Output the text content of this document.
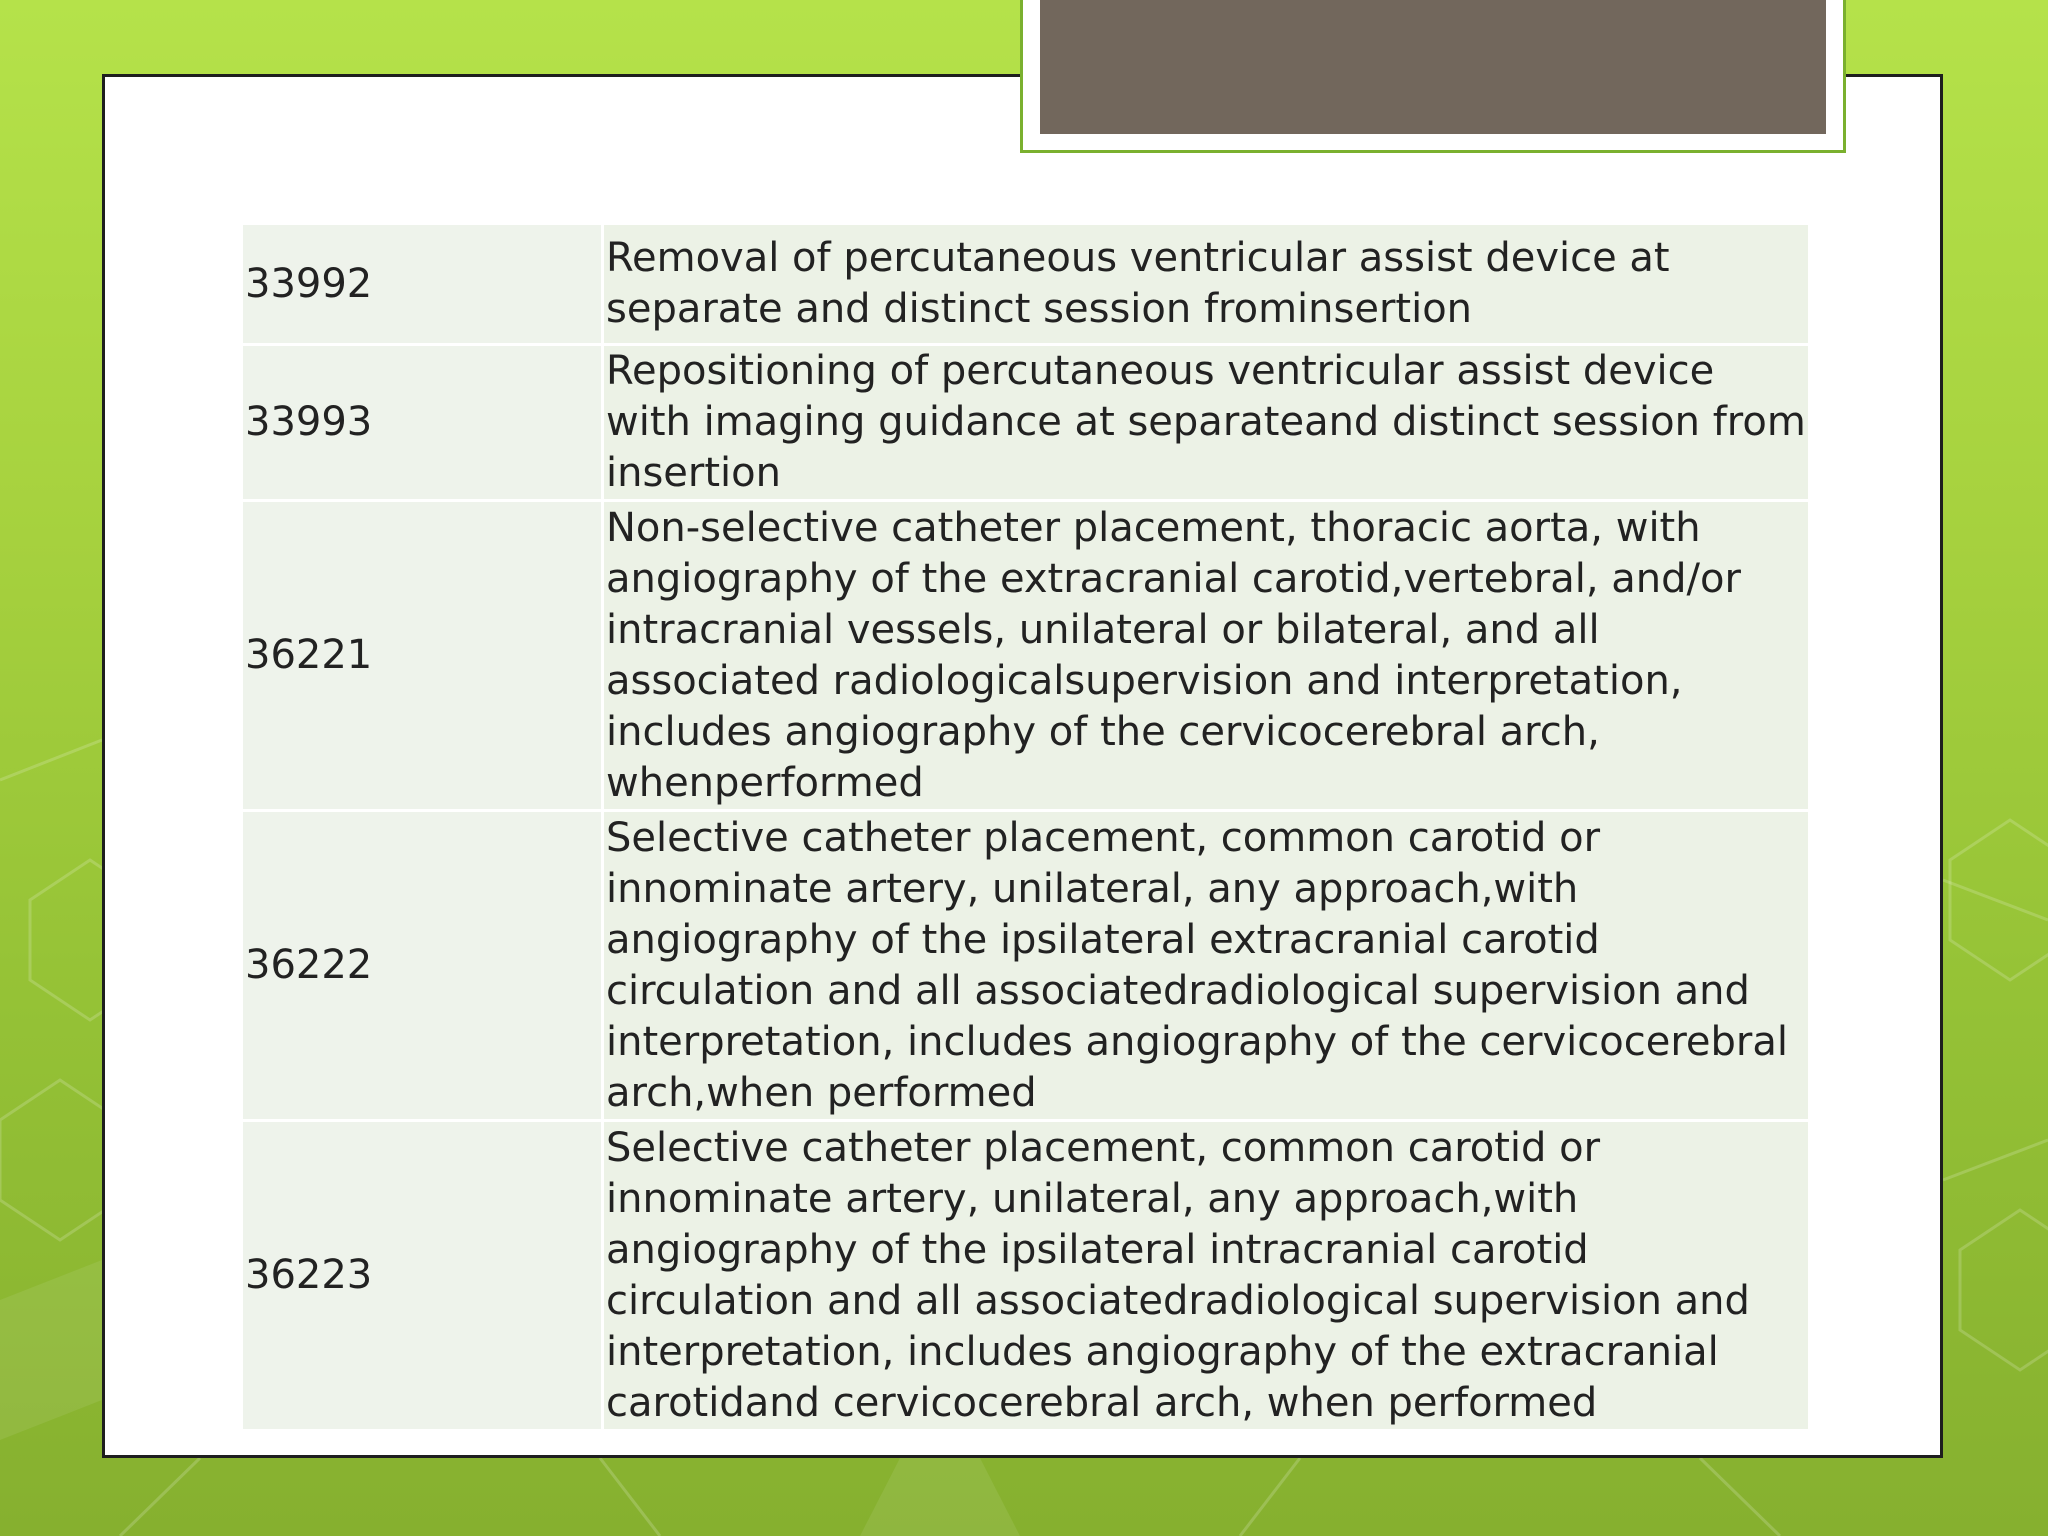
33992	Removal of percutaneous ventricular assist device at separate and distinct session frominsertion
33993	Repositioning of percutaneous ventricular assist device with imaging guidance at separateand distinct session from insertion
36221	Non-selective catheter placement, thoracic aorta, with angiography of the extracranial carotid,vertebral, and/or intracranial vessels, unilateral or bilateral, and all associated radiologicalsupervision and interpretation, includes angiography of the cervicocerebral arch, whenperformed
36222	Selective catheter placement, common carotid or innominate artery, unilateral, any approach,with angiography of the ipsilateral extracranial carotid circulation and all associatedradiological supervision and interpretation, includes angiography of the cervicocerebral arch,when performed
36223	Selective catheter placement, common carotid or innominate artery, unilateral, any approach,with angiography of the ipsilateral intracranial carotid circulation and all associatedradiological supervision and interpretation, includes angiography of the extracranial carotidand cervicocerebral arch, when performed
